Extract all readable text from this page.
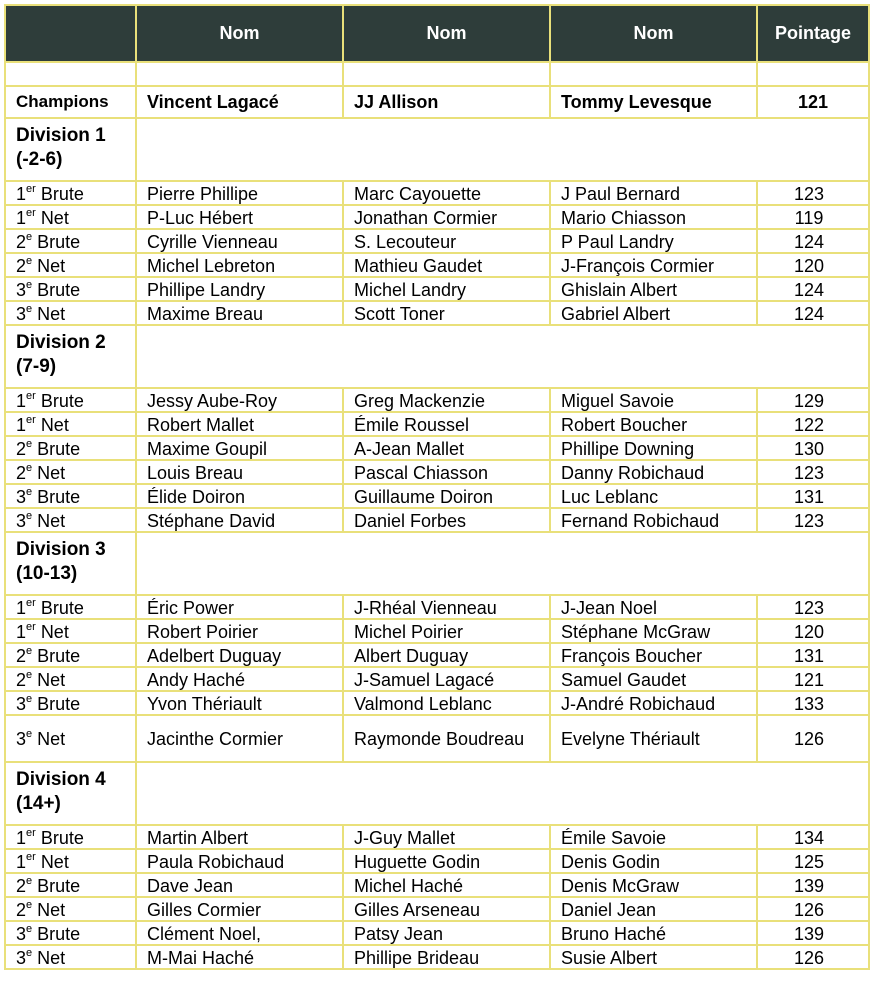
	Nom	Nom	Nom	Pointage

Champions	Vincent Lagacé	JJ Allison	Tommy Levesque	121
Division 1
(-2-6)				
1er Brute	Pierre Phillipe	Marc Cayouette	J Paul Bernard	123
1er Net	P-Luc Hébert	Jonathan Cormier	Mario Chiasson	119
2e Brute	Cyrille Vienneau	S. Lecouteur	P Paul Landry	124
2e Net	Michel Lebreton	Mathieu Gaudet	J-François Cormier	120
3e Brute	Phillipe Landry	Michel Landry	Ghislain Albert	124
3e Net	Maxime Breau	Scott Toner	Gabriel Albert	124
Division 2
(7-9)				
1er Brute	Jessy Aube-Roy	Greg Mackenzie	Miguel Savoie	129
1er Net	Robert Mallet	Émile Roussel	Robert Boucher	122
2e Brute	Maxime Goupil	A-Jean Mallet	Phillipe Downing	130
2e Net	Louis Breau	Pascal Chiasson	Danny Robichaud	123
3e Brute	Élide Doiron	Guillaume Doiron	Luc Leblanc	131
3e Net	Stéphane David	Daniel Forbes	Fernand Robichaud	123
Division 3
(10-13)				
1er Brute	Éric Power	J-Rhéal Vienneau	J-Jean Noel	123
1er Net	Robert Poirier	Michel Poirier	Stéphane McGraw	120
2e Brute	Adelbert Duguay	Albert Duguay	François Boucher	131
2e Net	Andy Haché	J-Samuel Lagacé	Samuel Gaudet	121
3e Brute	Yvon Thériault	Valmond Leblanc	J-André Robichaud	133
3e Net	Jacinthe Cormier	Raymonde Boudreau	Evelyne Thériault	126
Division 4
(14+)				
1er Brute	Martin Albert	J-Guy Mallet	Émile Savoie	134
1er Net	Paula Robichaud	Huguette Godin	Denis Godin	125
2e Brute	Dave Jean	Michel Haché	Denis McGraw	139
2e Net	Gilles Cormier	Gilles Arseneau	Daniel Jean	126
3e Brute	Clément Noel,	Patsy Jean	Bruno Haché	139
3e Net	M-Mai Haché	Phillipe Brideau	Susie Albert	126
